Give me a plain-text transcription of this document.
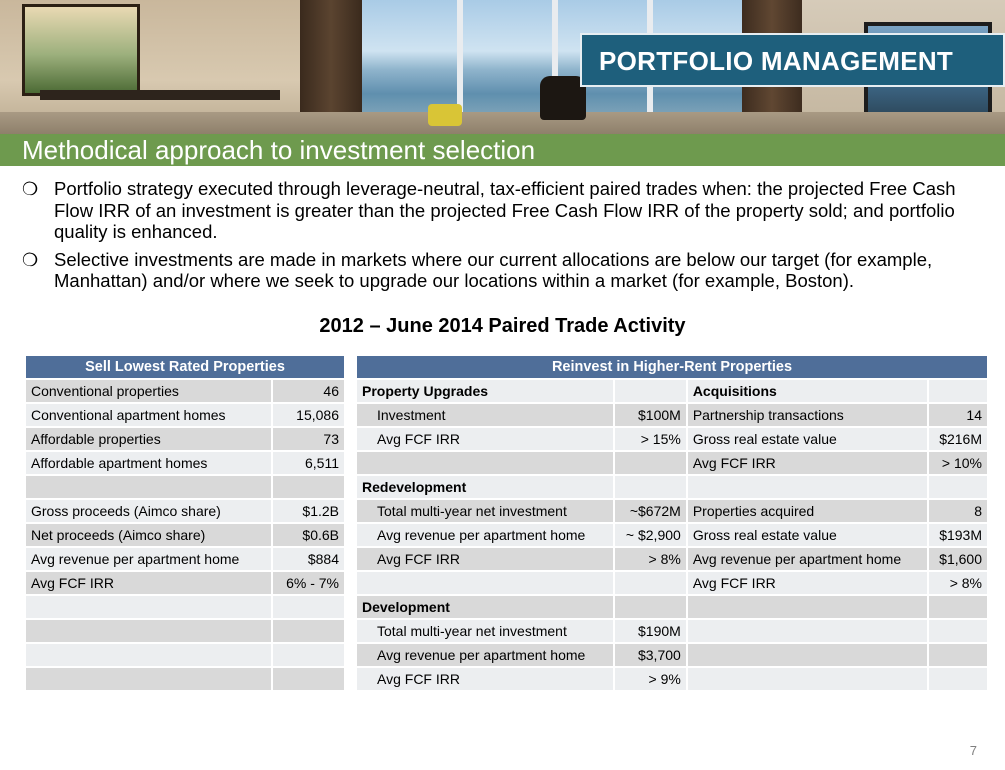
PORTFOLIO MANAGEMENT
Methodical approach to investment selection
❍ Portfolio strategy executed through leverage-neutral, tax-efficient paired trades when: the projected Free Cash Flow IRR of an investment is greater than the projected Free Cash Flow IRR of the property sold; and portfolio quality is enhanced.
❍ Selective investments are made in markets where our current allocations are below our target (for example, Manhattan) and/or where we seek to upgrade our locations within a market (for example, Boston).
2012 – June 2014 Paired Trade Activity
Sell Lowest Rated Properties	
Conventional properties	46
Conventional apartment homes	15,086
Affordable properties	73
Affordable apartment homes	6,511

Gross proceeds (Aimco share)	$1.2B
Net proceeds (Aimco share)	$0.6B
Avg revenue per apartment home	$884
Avg FCF IRR	6% - 7%

Reinvest in Higher-Rent Properties			
Property Upgrades		Acquisitions	
Investment	$100M	Partnership transactions	14
Avg FCF IRR	> 15%	Gross real estate value	$216M
		Avg FCF IRR	> 10%
Redevelopment			
Total multi-year net investment	~$672M	Properties acquired	8
Avg revenue per apartment home	~ $2,900	Gross real estate value	$193M
Avg FCF IRR	> 8%	Avg revenue per apartment home	$1,600
		Avg FCF IRR	> 8%
Development			
Total multi-year net investment	$190M		
Avg revenue per apartment home	$3,700		
Avg FCF IRR	> 9%		
7
